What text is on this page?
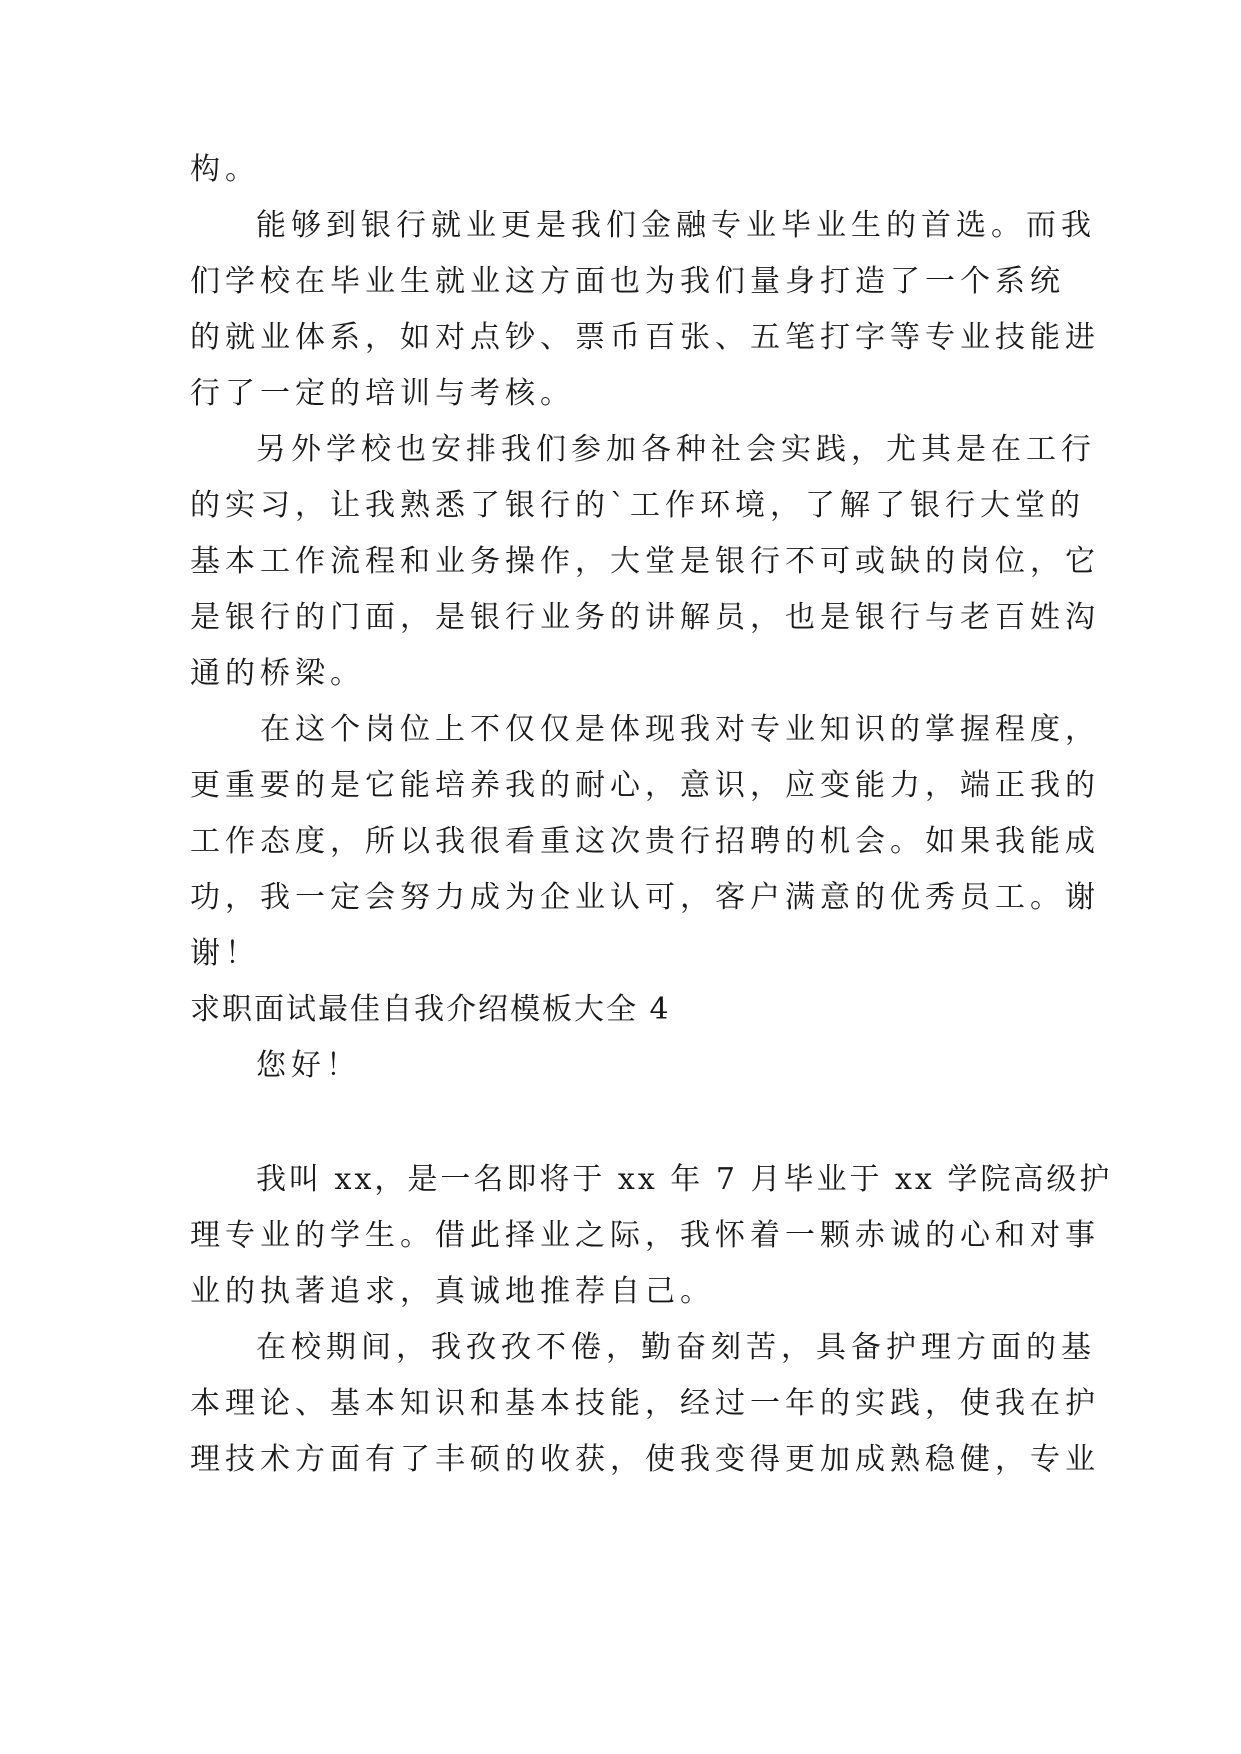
构。
能够到银行就业更是我们金融专业毕业生的首选。而我
们学校在毕业生就业这方面也为我们量身打造了一个系统
的就业体系，如对点钞、票币百张、五笔打字等专业技能进
行了一定的培训与考核。
另外学校也安排我们参加各种社会实践，尤其是在工行
的实习，让我熟悉了银行的`工作环境，了解了银行大堂的
基本工作流程和业务操作，大堂是银行不可或缺的岗位，它
是银行的门面，是银行业务的讲解员，也是银行与老百姓沟
通的桥梁。
在这个岗位上不仅仅是体现我对专业知识的掌握程度，
更重要的是它能培养我的耐心，意识，应变能力，端正我的
工作态度，所以我很看重这次贵行招聘的机会。如果我能成
功，我一定会努力成为企业认可，客户满意的优秀员工。谢
谢！
求职面试最佳自我介绍模板大全 4
您好！
我叫 xx，是一名即将于 xx 年 7 月毕业于 xx 学院高级护
理专业的学生。借此择业之际，我怀着一颗赤诚的心和对事
业的执著追求，真诚地推荐自己。
在校期间，我孜孜不倦，勤奋刻苦，具备护理方面的基
本理论、基本知识和基本技能，经过一年的实践，使我在护
理技术方面有了丰硕的收获，使我变得更加成熟稳健，专业
